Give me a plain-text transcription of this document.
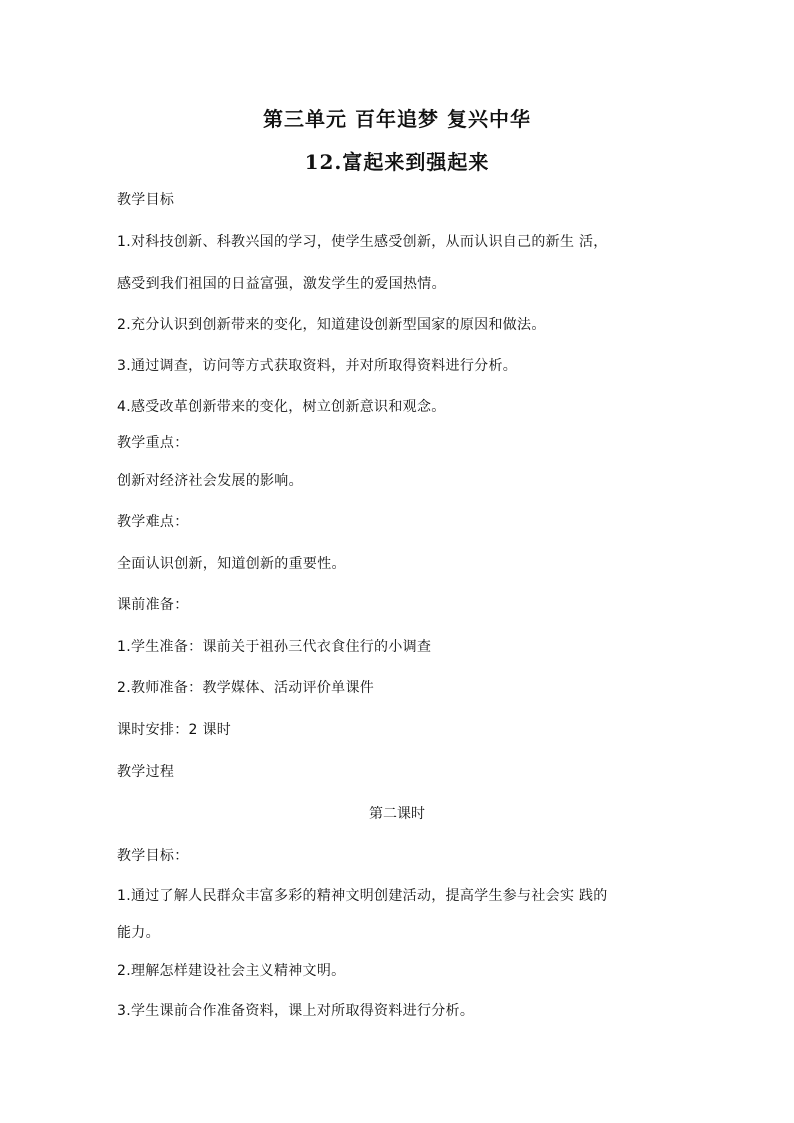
第三单元 百年追梦 复兴中华
12.富起来到强起来
教学目标
1.对科技创新、科教兴国的学习，使学生感受创新，从而认识自己的新生 活，
感受到我们祖国的日益富强，激发学生的爱国热情。
2.充分认识到创新带来的变化，知道建设创新型国家的原因和做法。
3.通过调查，访问等方式获取资料，并对所取得资料进行分析。
4.感受改革创新带来的变化，树立创新意识和观念。
教学重点：
创新对经济社会发展的影响。
教学难点：
全面认识创新，知道创新的重要性。
课前准备：
1.学生准备：课前关于祖孙三代衣食住行的小调查
2.教师准备：教学媒体、活动评价单课件
课时安排：2 课时
教学过程
第二课时
教学目标：
1.通过了解人民群众丰富多彩的精神文明创建活动，提高学生参与社会实 践的
能力。
2.理解怎样建设社会主义精神文明。
3.学生课前合作准备资料，课上对所取得资料进行分析。
